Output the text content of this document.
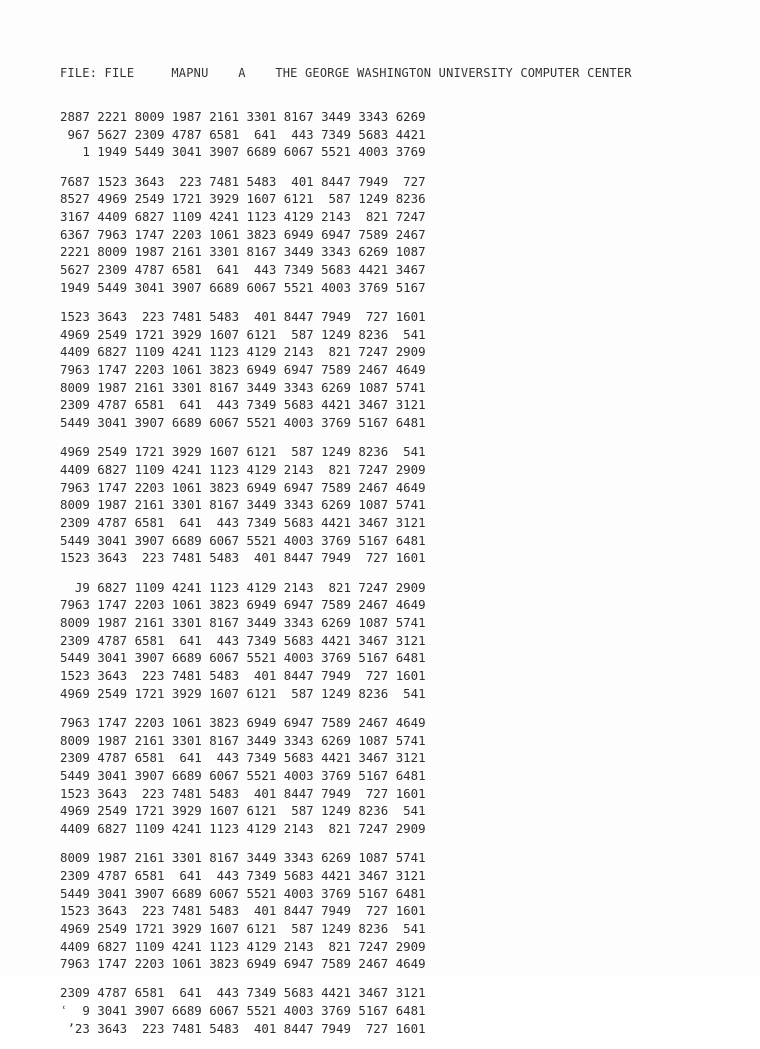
FILE: FILE     MAPNU    A    THE GEORGE WASHINGTON UNIVERSITY COMPUTER CENTER
2887 2221 8009 1987 2161 3301 8167 3449 3343 6269
967 5627 2309 4787 6581  641  443 7349 5683 4421
1 1949 5449 3041 3907 6689 6067 5521 4003 3769
7687 1523 3643  223 7481 5483  401 8447 7949  727
8527 4969 2549 1721 3929 1607 6121  587 1249 8236
3167 4409 6827 1109 4241 1123 4129 2143  821 7247
6367 7963 1747 2203 1061 3823 6949 6947 7589 2467
2221 8009 1987 2161 3301 8167 3449 3343 6269 1087
5627 2309 4787 6581  641  443 7349 5683 4421 3467
1949 5449 3041 3907 6689 6067 5521 4003 3769 5167
1523 3643  223 7481 5483  401 8447 7949  727 1601
4969 2549 1721 3929 1607 6121  587 1249 8236  541
4409 6827 1109 4241 1123 4129 2143  821 7247 2909
7963 1747 2203 1061 3823 6949 6947 7589 2467 4649
8009 1987 2161 3301 8167 3449 3343 6269 1087 5741
2309 4787 6581  641  443 7349 5683 4421 3467 3121
5449 3041 3907 6689 6067 5521 4003 3769 5167 6481
4969 2549 1721 3929 1607 6121  587 1249 8236  541
4409 6827 1109 4241 1123 4129 2143  821 7247 2909
7963 1747 2203 1061 3823 6949 6947 7589 2467 4649
8009 1987 2161 3301 8167 3449 3343 6269 1087 5741
2309 4787 6581  641  443 7349 5683 4421 3467 3121
5449 3041 3907 6689 6067 5521 4003 3769 5167 6481
1523 3643  223 7481 5483  401 8447 7949  727 1601
J9 6827 1109 4241 1123 4129 2143  821 7247 2909
7963 1747 2203 1061 3823 6949 6947 7589 2467 4649
8009 1987 2161 3301 8167 3449 3343 6269 1087 5741
2309 4787 6581  641  443 7349 5683 4421 3467 3121
5449 3041 3907 6689 6067 5521 4003 3769 5167 6481
1523 3643  223 7481 5483  401 8447 7949  727 1601
4969 2549 1721 3929 1607 6121  587 1249 8236  541
7963 1747 2203 1061 3823 6949 6947 7589 2467 4649
8009 1987 2161 3301 8167 3449 3343 6269 1087 5741
2309 4787 6581  641  443 7349 5683 4421 3467 3121
5449 3041 3907 6689 6067 5521 4003 3769 5167 6481
1523 3643  223 7481 5483  401 8447 7949  727 1601
4969 2549 1721 3929 1607 6121  587 1249 8236  541
4409 6827 1109 4241 1123 4129 2143  821 7247 2909
8009 1987 2161 3301 8167 3449 3343 6269 1087 5741
2309 4787 6581  641  443 7349 5683 4421 3467 3121
5449 3041 3907 6689 6067 5521 4003 3769 5167 6481
1523 3643  223 7481 5483  401 8447 7949  727 1601
4969 2549 1721 3929 1607 6121  587 1249 8236  541
4409 6827 1109 4241 1123 4129 2143  821 7247 2909
7963 1747 2203 1061 3823 6949 6947 7589 2467 4649
2309 4787 6581  641  443 7349 5683 4421 3467 3121
ʿ  9 3041 3907 6689 6067 5521 4003 3769 5167 6481
ʼ23 3643  223 7481 5483  401 8447 7949  727 1601
